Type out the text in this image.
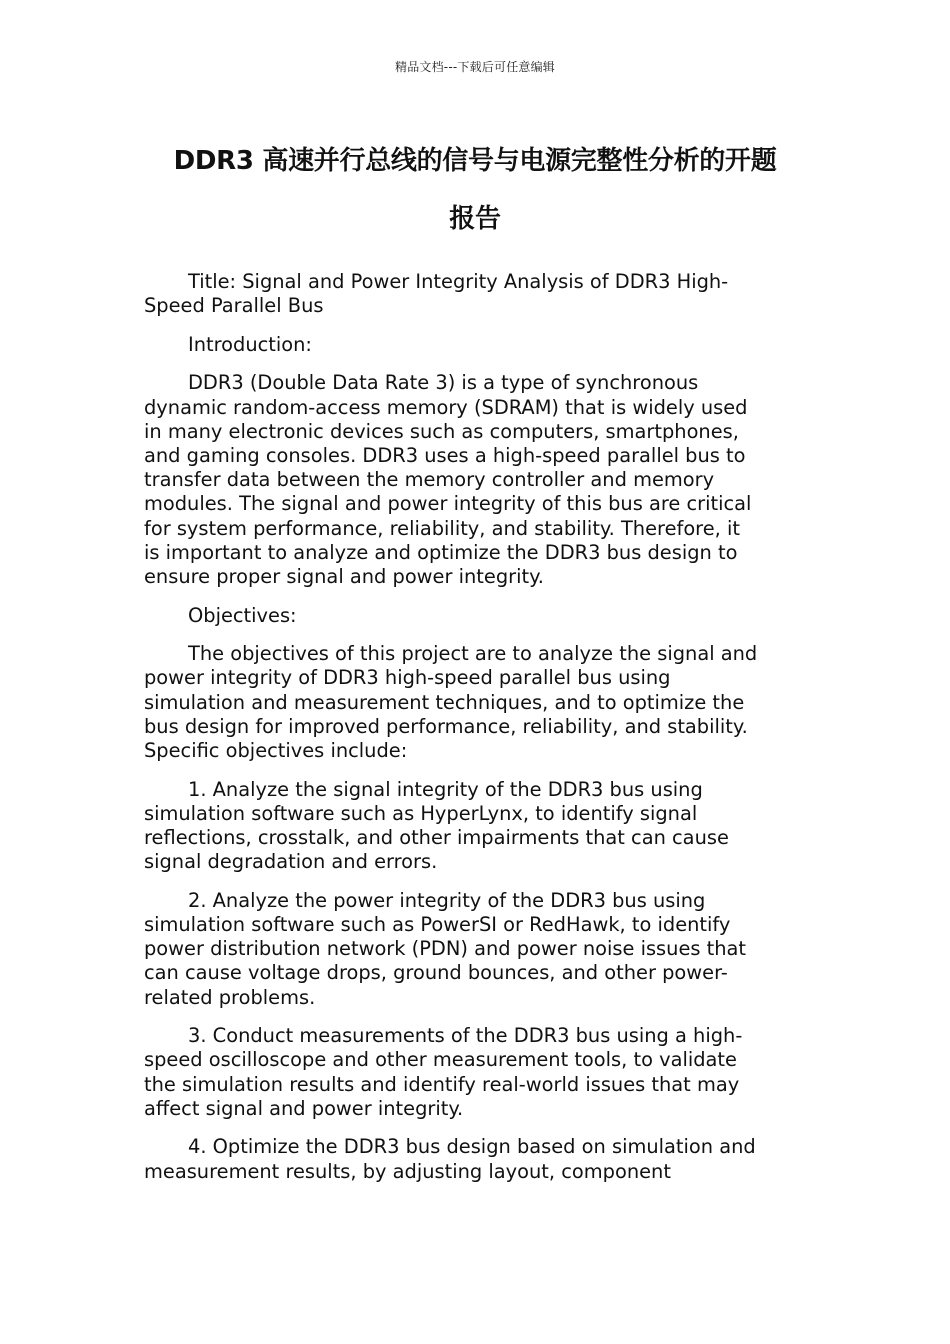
精品文档---下载后可任意编辑
DDR3 高速并行总线的信号与电源完整性分析的开题
报告

Title: Signal and Power Integrity Analysis of DDR3 High-
Speed Parallel Bus

Introduction:

DDR3 (Double Data Rate 3) is a type of synchronous
dynamic random-access memory (SDRAM) that is widely used
in many electronic devices such as computers, smartphones,
and gaming consoles. DDR3 uses a high-speed parallel bus to
transfer data between the memory controller and memory
modules. The signal and power integrity of this bus are critical
for system performance, reliability, and stability. Therefore, it
is important to analyze and optimize the DDR3 bus design to
ensure proper signal and power integrity.

Objectives:

The objectives of this project are to analyze the signal and
power integrity of DDR3 high-speed parallel bus using
simulation and measurement techniques, and to optimize the
bus design for improved performance, reliability, and stability.
Specific objectives include:

1. Analyze the signal integrity of the DDR3 bus using
simulation software such as HyperLynx, to identify signal
reflections, crosstalk, and other impairments that can cause
signal degradation and errors.

2. Analyze the power integrity of the DDR3 bus using
simulation software such as PowerSI or RedHawk, to identify
power distribution network (PDN) and power noise issues that
can cause voltage drops, ground bounces, and other power-
related problems.

3. Conduct measurements of the DDR3 bus using a high-
speed oscilloscope and other measurement tools, to validate
the simulation results and identify real-world issues that may
affect signal and power integrity.

4. Optimize the DDR3 bus design based on simulation and
measurement results, by adjusting layout, component
